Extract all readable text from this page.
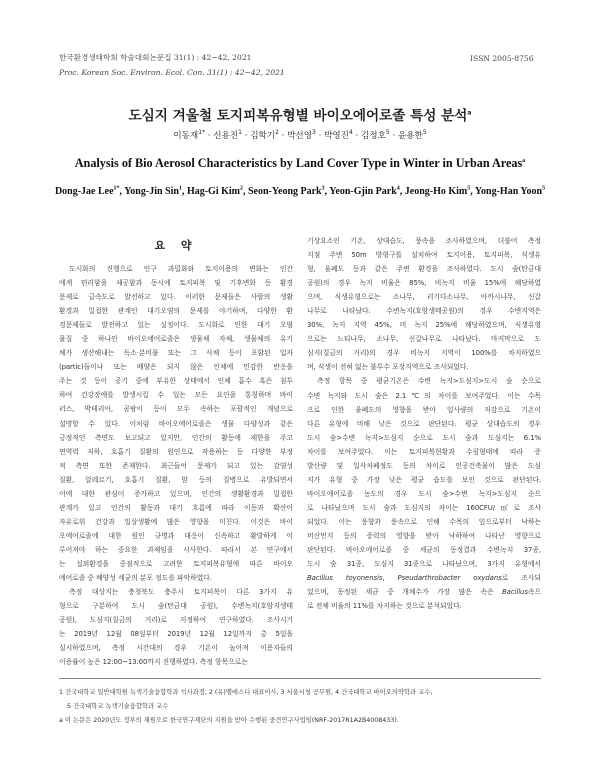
한국환경생태학회 학술대회논문집 31(1) : 42~42, 2021
Proc. Korean Soc. Environ. Ecol. Con. 31(1) : 42~42, 2021
ISSN 2005-8756
도심지 겨울철 토지피복유형별 바이오에어로졸 특성 분석$^a$
이동재$^{1*}$ · 신용진$^1$ · 김학기$^2$ · 박선영$^3$ · 박영진$^4$ · 김정호$^5$ · 윤용한$^5$
Analysis of Bio Aerosol Characteristics by Land Cover Type in Winter in Urban Areas$^a$
Dong-Jae Lee$^{1*}$, Yong-Jin Sin$^1$, Hag-Gi Kim$^2$, Seon-Yeong Park$^3$, Yeon-Gjin Park$^4$, Jeong-Ho Kim$^5$, Yong-Han Yoon$^5$
요 약
도시화의 진행으로 인구 과밀화와 토지이용의 변화는 인간
에게 편리함을 제공함과 동시에 토지피복 및 기후변화 등 환경
문제로 급속도로 발전하고 있다. 이러한 문제들은 사람의 생활
환경과 밀접한 관계인 대기오염의 문제를 야기하며, 다양한 환
경문제들로 발전하고 있는 실정이다. 도시화로 인한 대기 오염
물질 중 하나인 바이오에어로졸은 생물체 자체, 생물체의 유기
체가 생산해내는 독소·분비물 또는 그 사체 등이 포함된 입자
(partic)들이나 또는 배양은 되지 않은 인체에 민감한 반응을
주는 것 등이 공기 중에 부유한 상태에서 인체 흡수 혹은 침투
하여 건강장애를 발생시킬 수 있는 모든 요인을 통칭하며 바이
러스, 박테리아, 곰팡이 등이 모두 속하는 포괄적인 개념으로
설명할 수 있다. 이처럼 바이오에어로졸은 생물 다양성과 같은
긍정적인 측면도 보고되고 있지만, 인간의 활동에 제한을 주고
면역력 저하, 호흡기 질환의 원인으로 작용하는 등 다양한 부정
적 측면 또한 존재한다. 최근들어 문제가 되고 있는 감염성
질환, 알레르기, 호흡기 질환, 암 등의 질병으로 유발되면서
이에 대한 관심이 증가하고 있으며, 인간의 생활환경과 밀접한
관계가 있고 인간의 활동과 대기 흐름에 따라 이동과 확산이
자유로워 건강과 일상생활에 많은 영향을 미친다. 이것은 바이
오에어로졸에 대한 원인 규명과 대응이 신속하고 활발하게 이
루어져야 하는 중요한 과제임을 시사한다. 따라서 본 연구에서
는 실외환경을 중점적으로 고려한 토지피복유형에 따른 바이오
에어로졸 중 배양성 세균의 분포 정도를 파악하였다.
측정 대상지는 충청북도 충주시 토지피복이 다른 3가지 유
형으로 구분하여 도시 숲(탄금대 공원), 수변녹지(호암지생태
공원), 도심지(칠금의 거리)로 지정하여 연구하였다. 조사시기
는 2019년 12월 08일부터 2019년 12월 12일까지 총 5일을
실시하였으며, 측정 시간대의 경우 기온이 높아져 이용자들의
이용률이 높은 12:00~13:00까지 진행하였다. 측정 항목으로는
기상요소인 기온, 상대습도, 풍속을 조사하였으며, 더불어 측정
지점 주변 50m 방형구를 설치하여 토지이용, 토지피복, 식생유
형, 울폐도 등과 같은 주변 환경을 조사하였다. 도시 숲(탄금대
공원)의 경우 녹지 비율은 85%, 비녹지 비율 15%에 해당하였
으며, 식생유형으로는 소나무, 리기다소나무, 아까시나무, 신갈
나무로 나타났다. 수변녹지(호암생태공원)의 경우 수변지역은
30%, 녹지 지역 45%, 비 녹지 25%에 해당하였으며, 식생유형
으로는 느티나무, 소나무, 신갈나무로 나타났다. 마지막으로 도
심지(칠금의 거리)의 경우 비녹지 지역이 100%를 차지하였으
며, 식생이 전혀 없는 불투수 포장지역으로 조사되었다.
측정 항목 중 평균기온은 수변 녹지>도심지>도시 숲 순으로
수변 녹지와 도시 숲은 2.1℃의 차이를 보여주었다. 이는 수목
으로 인한 울폐도의 영향을 받아 일사량의 저감으로 기온이
다른 유형에 비해 낮은 것으로 판단된다. 평균 상대습도의 경우
도시 숲>수변 녹지>도심지 순으로 도시 숲과 도심지는 6.1%
차이를 보여주었다. 이는 토지피복현황과 수림형태에 따라 증
발산량 및 일사차폐정도 등의 차이로 인공건축물이 많은 도심
지가 유형 중 가장 낮은 평균 습도를 보인 것으로 판단된다.
바이오에어로졸 농도의 경우 도시 숲>수변 녹지>도심지 순으
로 나타났으며 도시 숲과 도심지의 차이는 160CFU/㎥로 조사
되었다. 이는 풍향과 풍속으로 인해 수목의 잎으로부터 낙하는
비산먼지 등의 증력의 영향을 받아 낙하하여 나타난 영향으로
판단된다. 바이오에어로졸 중 세균의 동정결과 수변녹지 37종,
도시 숲 31종, 도심지 31종으로 나타났으며, 3가지 유형에서
Bacillus toyonensis, Pseudarthrobacter oxydans로 조사되
었으며, 동정된 세균 중 개체수가 가장 많은 속은 Bacillus속으
로 전체 비율의 11%를 차지하는 것으로 분석되었다.
1 건국대학교 일반대학원 녹색기술융합학과 석사과정, 2 (유)엘에스디 대표이사, 3 서울시청 공무원, 4 건국대학교 바이오의약학과 교수,
5 건국대학교 녹색기술융합학과 교수
a 이 논문은 2020년도 정부의 재원으로 한국연구재단의 지원을 받아 수행된 중견연구사업임(NRF-2017R1A2B4008433).
